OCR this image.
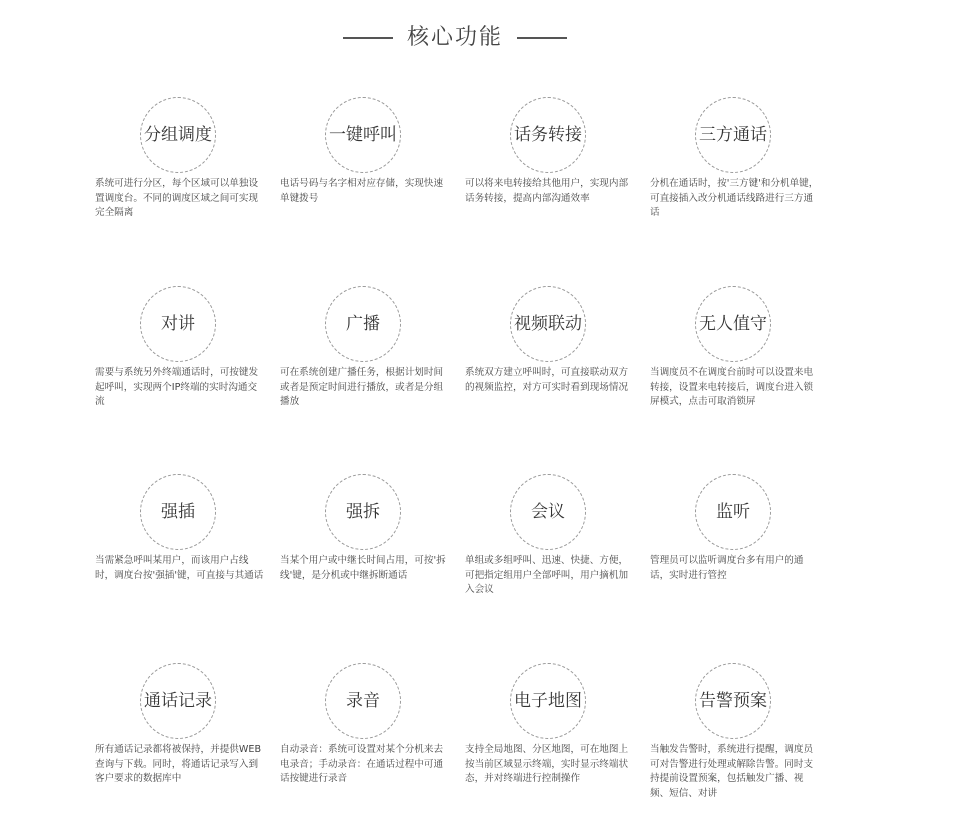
核心功能
分组调度
系统可进行分区，每个区域可以单独设置调度台。不同的调度区域之间可实现完全隔离
一键呼叫
电话号码与名字相对应存储，实现快速单键拨号
话务转接
可以将来电转接给其他用户，实现内部话务转接，提高内部沟通效率
三方通话
分机在通话时，按'三方键'和分机单键，可直接插入改分机通话线路进行三方通话
对讲
需要与系统另外终端通话时，可按键发起呼叫，实现两个IP终端的实时沟通交流
广播
可在系统创建广播任务，根据计划时间或者是预定时间进行播放，或者是分组播放
视频联动
系统双方建立呼叫时，可直接联动双方的视频监控，对方可实时看到现场情况
无人值守
当调度员不在调度台前时可以设置来电转接，设置来电转接后，调度台进入锁屏模式，点击可取消锁屏
强插
当需紧急呼叫某用户，而该用户占线时，调度台按'强插'键，可直接与其通话
强拆
当某个用户或中继长时间占用，可按'拆线'键，是分机或中继拆断通话
会议
单组或多组呼叫、迅速、快捷、方便，可把指定组用户全部呼叫，用户摘机加入会议
监听
管理员可以监听调度台多有用户的通话，实时进行管控
通话记录
所有通话记录都将被保持，并提供WEB查询与下载。同时，将通话记录写入到客户要求的数据库中
录音
自动录音：系统可设置对某个分机来去电录音；手动录音：在通话过程中可通话按键进行录音
电子地图
支持全局地图、分区地图，可在地图上按当前区域显示终端，实时显示终端状态，并对终端进行控制操作
告警预案
当触发告警时，系统进行提醒，调度员可对告警进行处理或解除告警。同时支持提前设置预案，包括触发广播、视频、短信、对讲
